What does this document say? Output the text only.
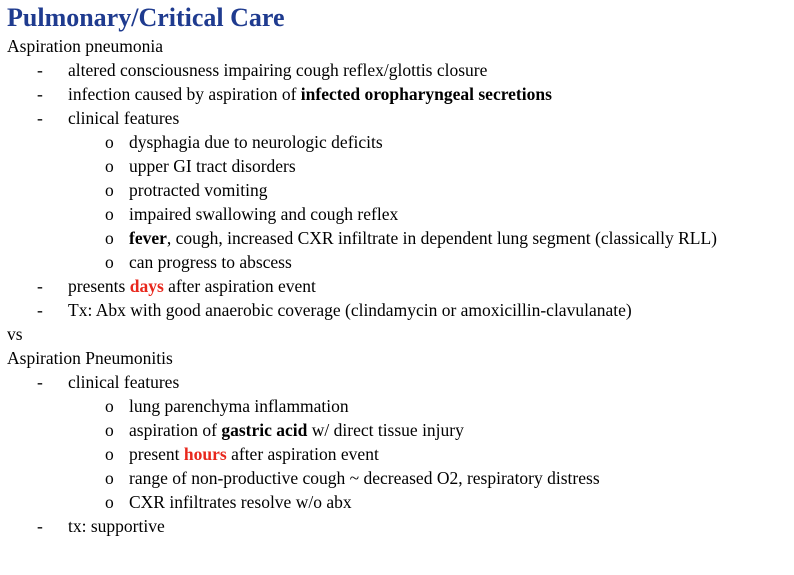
Pulmonary/Critical Care
Aspiration pneumonia
- altered consciousness impairing cough reflex/glottis closure
- infection caused by aspiration of infected oropharyngeal secretions
- clinical features
o dysphagia due to neurologic deficits
o upper GI tract disorders
o protracted vomiting
o impaired swallowing and cough reflex
o fever, cough, increased CXR infiltrate in dependent lung segment (classically RLL)
o can progress to abscess
- presents days after aspiration event
- Tx: Abx with good anaerobic coverage (clindamycin or amoxicillin-clavulanate)
vs
Aspiration Pneumonitis
- clinical features
o lung parenchyma inflammation
o aspiration of gastric acid w/ direct tissue injury
o present hours after aspiration event
o range of non-productive cough ~ decreased O2, respiratory distress
o CXR infiltrates resolve w/o abx
- tx: supportive
